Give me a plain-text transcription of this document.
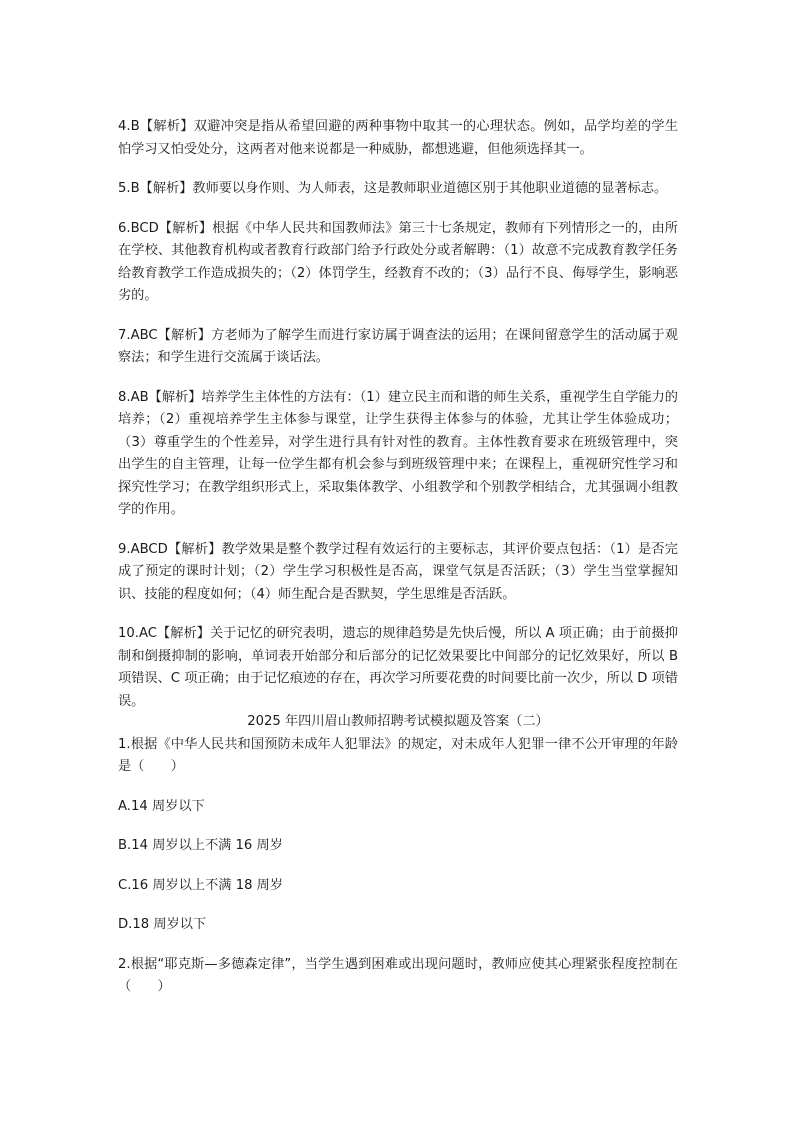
4.B【解析】双避冲突是指从希望回避的两种事物中取其一的心理状态。例如，品学均差的学生怕学习又怕受处分，这两者对他来说都是一种威胁，都想逃避，但他须选择其一。

5.B【解析】教师要以身作则、为人师表，这是教师职业道德区别于其他职业道德的显著标志。

6.BCD【解析】根据《中华人民共和国教师法》第三十七条规定，教师有下列情形之一的，由所在学校、其他教育机构或者教育行政部门给予行政处分或者解聘：（1）故意不完成教育教学任务给教育教学工作造成损失的；（2）体罚学生，经教育不改的；（3）品行不良、侮辱学生，影响恶劣的。

7.ABC【解析】方老师为了解学生而进行家访属于调查法的运用；在课间留意学生的活动属于观察法；和学生进行交流属于谈话法。

8.AB【解析】培养学生主体性的方法有：（1）建立民主而和谐的师生关系，重视学生自学能力的培养；（2）重视培养学生主体参与课堂，让学生获得主体参与的体验，尤其让学生体验成功；（3）尊重学生的个性差异，对学生进行具有针对性的教育。主体性教育要求在班级管理中，突出学生的自主管理，让每一位学生都有机会参与到班级管理中来；在课程上，重视研究性学习和探究性学习；在教学组织形式上，采取集体教学、小组教学和个别教学相结合，尤其强调小组教学的作用。

9.ABCD【解析】教学效果是整个教学过程有效运行的主要标志，其评价要点包括：（1）是否完成了预定的课时计划；（2）学生学习积极性是否高，课堂气氛是否活跃；（3）学生当堂掌握知识、技能的程度如何；（4）师生配合是否默契，学生思维是否活跃。

10.AC【解析】关于记忆的研究表明，遗忘的规律趋势是先快后慢，所以 A 项正确；由于前摄抑制和倒摄抑制的影响，单词表开始部分和后部分的记忆效果要比中间部分的记忆效果好，所以 B 项错误、C 项正确；由于记忆痕迹的存在，再次学习所要花费的时间要比前一次少，所以 D 项错误。

2025 年四川眉山教师招聘考试模拟题及答案（二）

1.根据《中华人民共和国预防未成年人犯罪法》的规定，对未成年人犯罪一律不公开审理的年龄是（　　）

A.14 周岁以下
B.14 周岁以上不满 16 周岁
C.16 周岁以上不满 18 周岁
D.18 周岁以下

2.根据“耶克斯—多德森定律”，当学生遇到困难或出现问题时，教师应使其心理紧张程度控制在（　　）
